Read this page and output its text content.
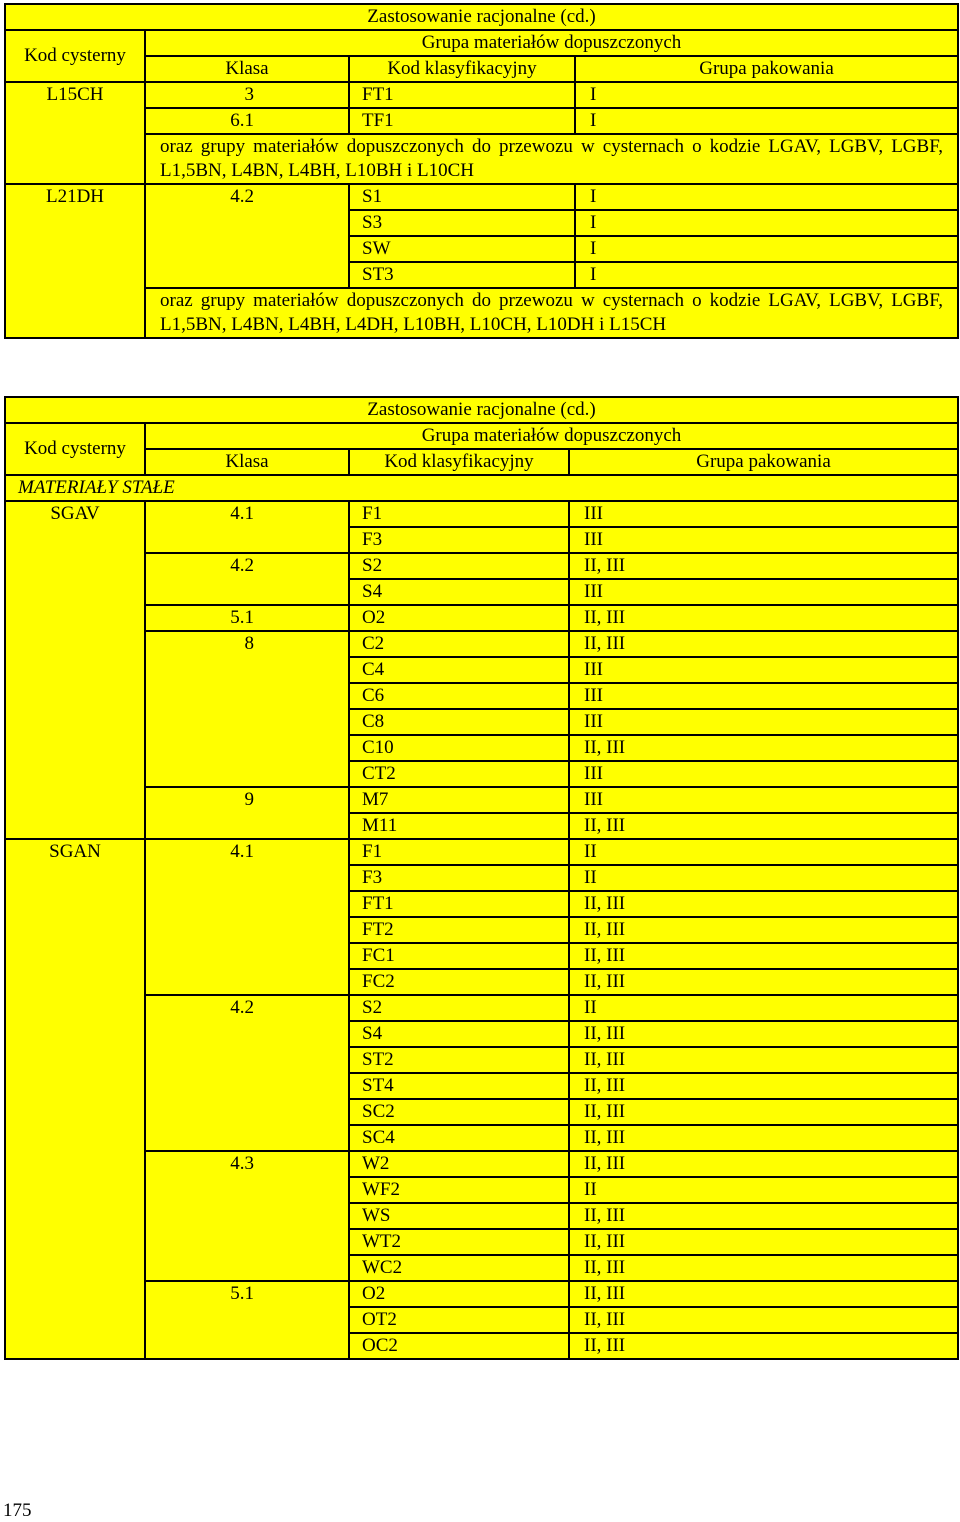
Zastosowanie racjonalne (cd.)			
Kod cysterny	Grupa materiałów dopuszczonych		
	Klasa	Kod klasyfikacyjny	Grupa pakowania
L15CH	3	FT1	I
	6.1	TF1	I
	oraz grupy materiałów dopuszczonych do przewozu w cysternach o kodzie LGAV, LGBV, LGBF, L1,5BN, L4BN, L4BH, L10BH i L10CH		
L21DH	4.2	S1	I
		S3	I
		SW	I
		ST3	I
	oraz grupy materiałów dopuszczonych do przewozu w cysternach o kodzie LGAV, LGBV, LGBF, L1,5BN, L4BN, L4BH, L4DH, L10BH, L10CH, L10DH i L15CH		
Zastosowanie racjonalne (cd.)			
Kod cysterny	Grupa materiałów dopuszczonych		
	Klasa	Kod klasyfikacyjny	Grupa pakowania
MATERIAŁY STAŁE			
SGAV	4.1	F1	III
		F3	III
	4.2	S2	II, III
		S4	III
	5.1	O2	II, III
	8	C2	II, III
		C4	III
		C6	III
		C8	III
		C10	II, III
		CT2	III
	9	M7	III
		M11	II, III
SGAN	4.1	F1	II
		F3	II
		FT1	II, III
		FT2	II, III
		FC1	II, III
		FC2	II, III
	4.2	S2	II
		S4	II, III
		ST2	II, III
		ST4	II, III
		SC2	II, III
		SC4	II, III
	4.3	W2	II, III
		WF2	II
		WS	II, III
		WT2	II, III
		WC2	II, III
	5.1	O2	II, III
		OT2	II, III
		OC2	II, III
175
